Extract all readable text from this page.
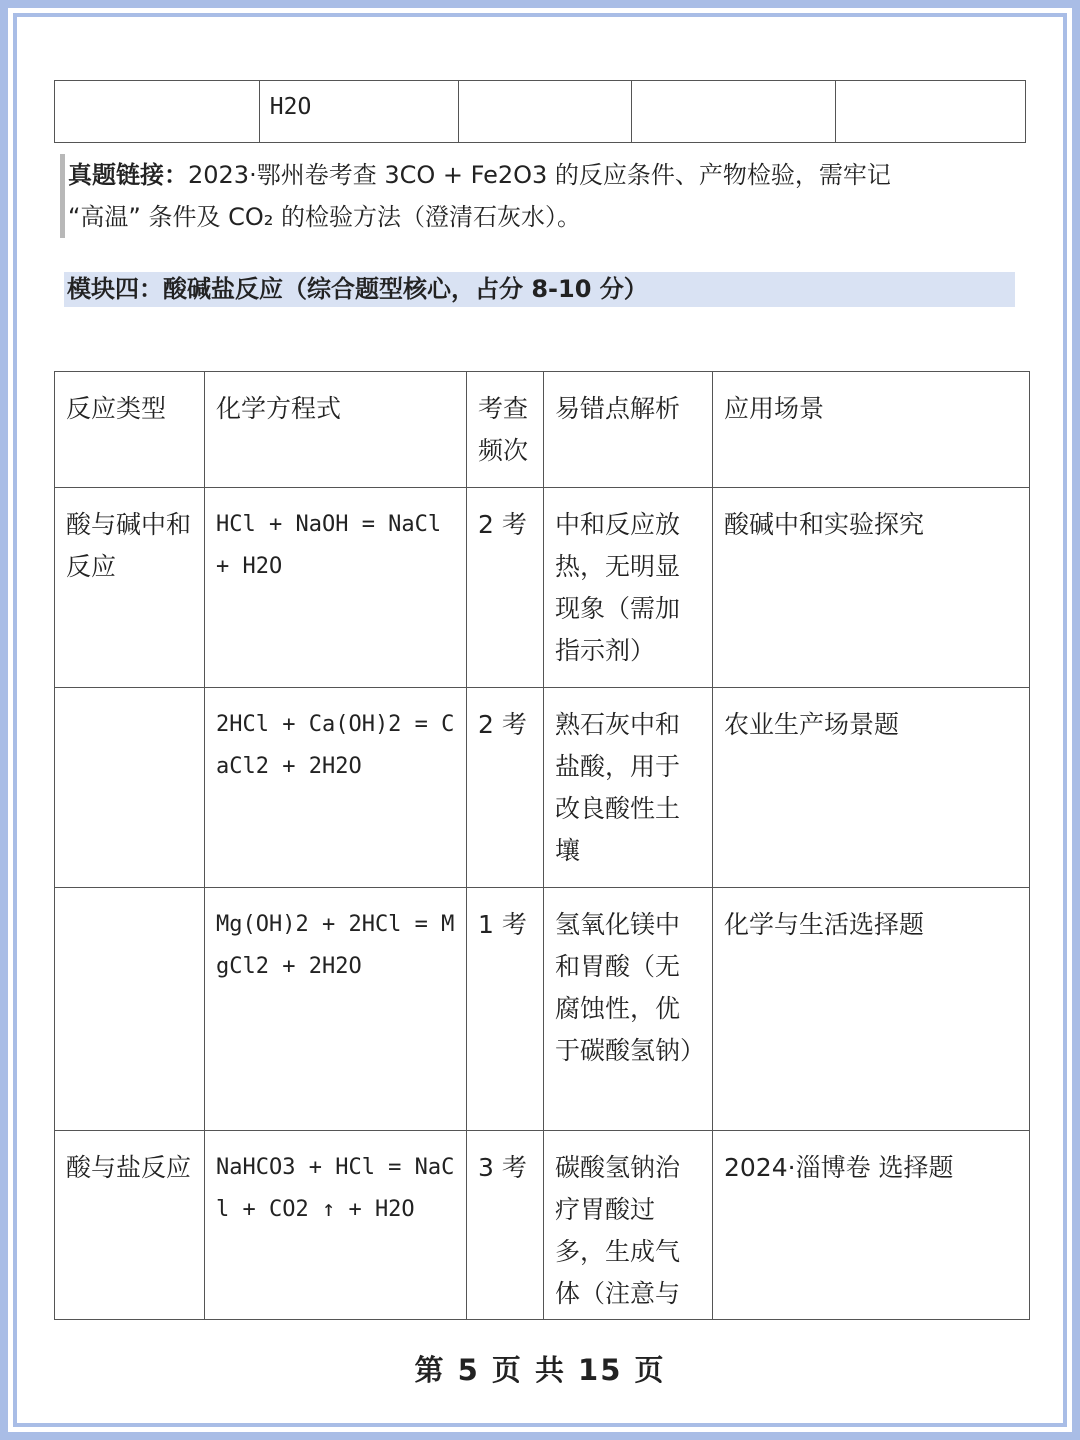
	H2O			

真题链接：2023·鄂州卷考查 3CO + Fe2O3 的反应条件、产物检验，需牢记

“高温” 条件及 CO₂ 的检验方法（澄清石灰水）。

模块四：酸碱盐反应（综合题型核心，占分 8-10 分）
反应类型	化学方程式	考查频次	易错点解析	应用场景
酸与碱中和反应	HCl + NaOH = NaCl + H2O	2 考	中和反应放热，无明显现象（需加指示剂）	酸碱中和实验探究
	2HCl + Ca(OH)2 = CaCl2 + 2H2O	2 考	熟石灰中和盐酸，用于改良酸性土壤	农业生产场景题
	Mg(OH)2 + 2HCl = MgCl2 + 2H2O	1 考	氢氧化镁中和胃酸（无腐蚀性，优于碳酸氢钠）	化学与生活选择题
酸与盐反应	NaHCO3 + HCl = NaCl + CO2 ↑ + H2O	3 考	碳酸氢钠治疗胃酸过多，生成气体（注意与	2024·淄博卷 选择题
第 5 页 共 15 页
